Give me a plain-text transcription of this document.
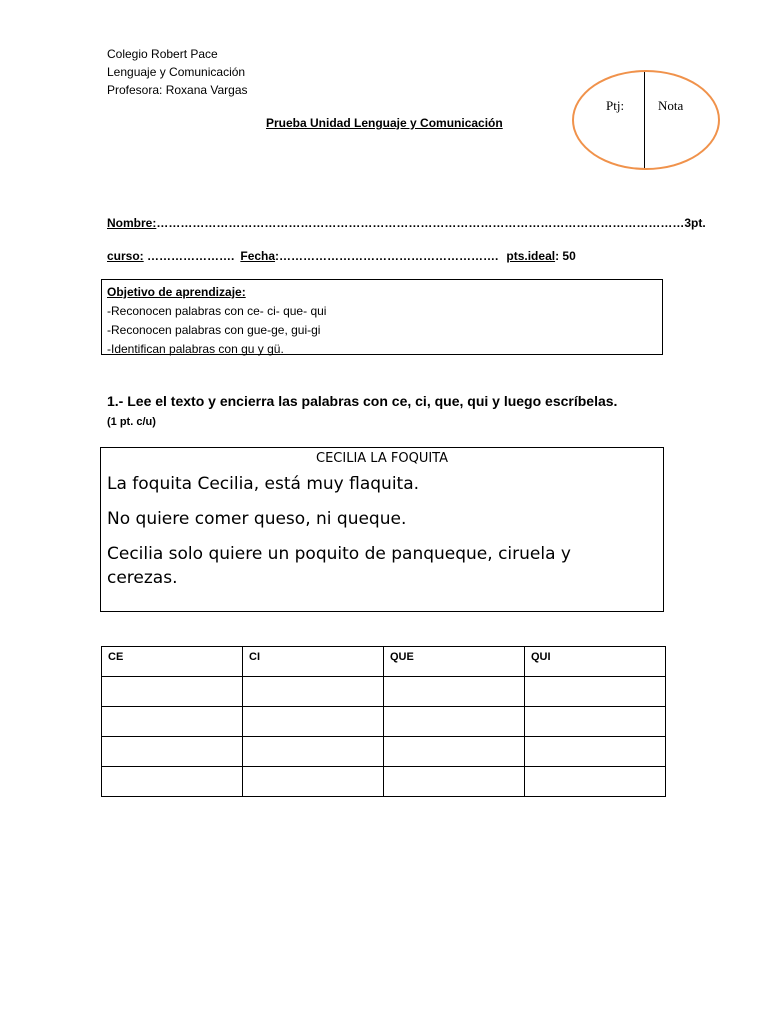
Colegio Robert Pace
Lenguaje y Comunicación
Profesora: Roxana Vargas
Ptj:	Nota
Prueba Unidad Lenguaje y Comunicación
Nombre:……………………………………………………………………………………………………………………3pt.
curso: …………………. Fecha:………………………………………………. pts.ideal: 50
Objetivo de aprendizaje:
-Reconocen palabras con ce- ci- que- qui
-Reconocen palabras con gue-ge, gui-gi
-Identifican palabras con gu y gü.
1.- Lee el texto y encierra las palabras con ce, ci, que, qui y luego escríbelas.
(1 pt. c/u)
CECILIA LA FOQUITA

La foquita Cecilia, está muy flaquita.

No quiere comer queso, ni queque.

Cecilia solo quiere un poquito de panqueque, ciruela y cerezas.

CE	CI	QUE	QUI
